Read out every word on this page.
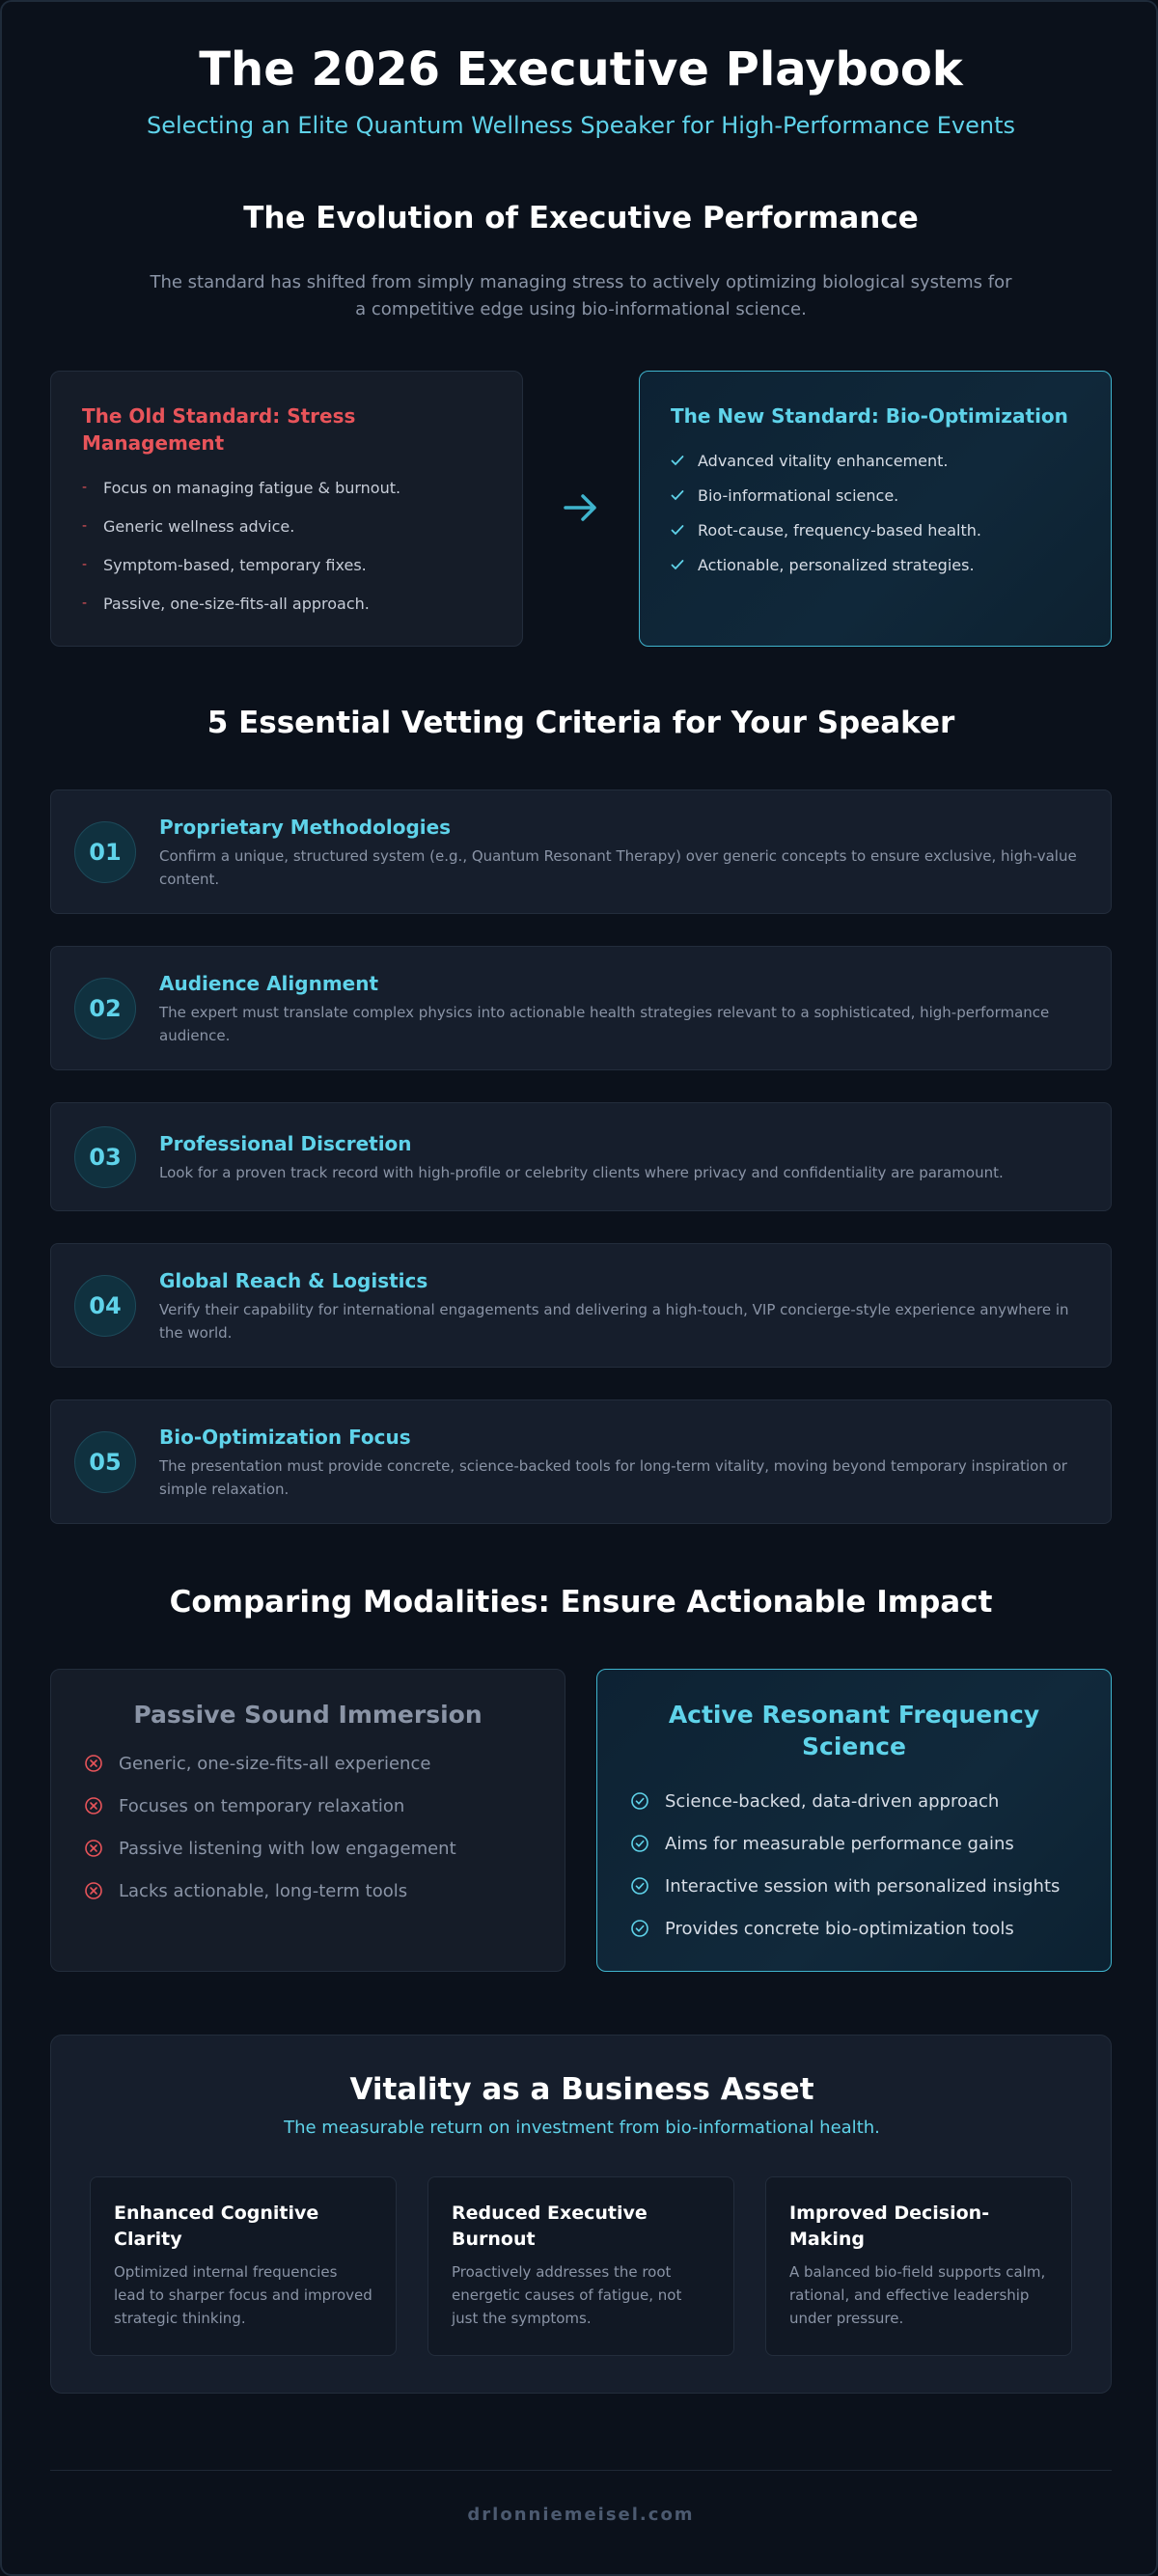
The 2026 Executive Playbook
Selecting an Elite Quantum Wellness Speaker for High-Performance Events
The Evolution of Executive Performance

The standard has shifted from simply managing stress to actively optimizing biological systems for a competitive edge using bio-informational science.

The Old Standard: Stress Management
-	Focus on managing fatigue & burnout.
-	Generic wellness advice.
-	Symptom-based, temporary fixes.
-	Passive, one-size-fits-all approach.
The New Standard: Bio-Optimization
Advanced vitality enhancement.
Bio-informational science.
Root-cause, frequency-based health.
Actionable, personalized strategies.
5 Essential Vetting Criteria for Your Speaker
01
Proprietary Methodologies
Confirm a unique, structured system (e.g., Quantum Resonant Therapy) over generic concepts to ensure exclusive, high-value content.
02
Audience Alignment
The expert must translate complex physics into actionable health strategies relevant to a sophisticated, high-performance audience.
03	Professional Discretion
Look for a proven track record with high-profile or celebrity clients where privacy and confidentiality are paramount.
04
Global Reach & Logistics
Verify their capability for international engagements and delivering a high-touch, VIP concierge-style experience anywhere in the world.
05
Bio-Optimization Focus
The presentation must provide concrete, science-backed tools for long-term vitality, moving beyond temporary inspiration or simple relaxation.
Comparing Modalities: Ensure Actionable Impact
Passive Sound Immersion
Generic, one-size-fits-all experience
Focuses on temporary relaxation
Passive listening with low engagement
Lacks actionable, long-term tools
Active Resonant Frequency Science
Science-backed, data-driven approach
Aims for measurable performance gains
Interactive session with personalized insights
Provides concrete bio-optimization tools
Vitality as a Business Asset
The measurable return on investment from bio-informational health.
Enhanced Cognitive Clarity
Optimized internal frequencies lead to sharper focus and improved strategic thinking.
Reduced Executive Burnout
Proactively addresses the root energetic causes of fatigue, not just the symptoms.
Improved Decision-Making
A balanced bio-field supports calm, rational, and effective leadership under pressure.
drlonniemeisel.com
